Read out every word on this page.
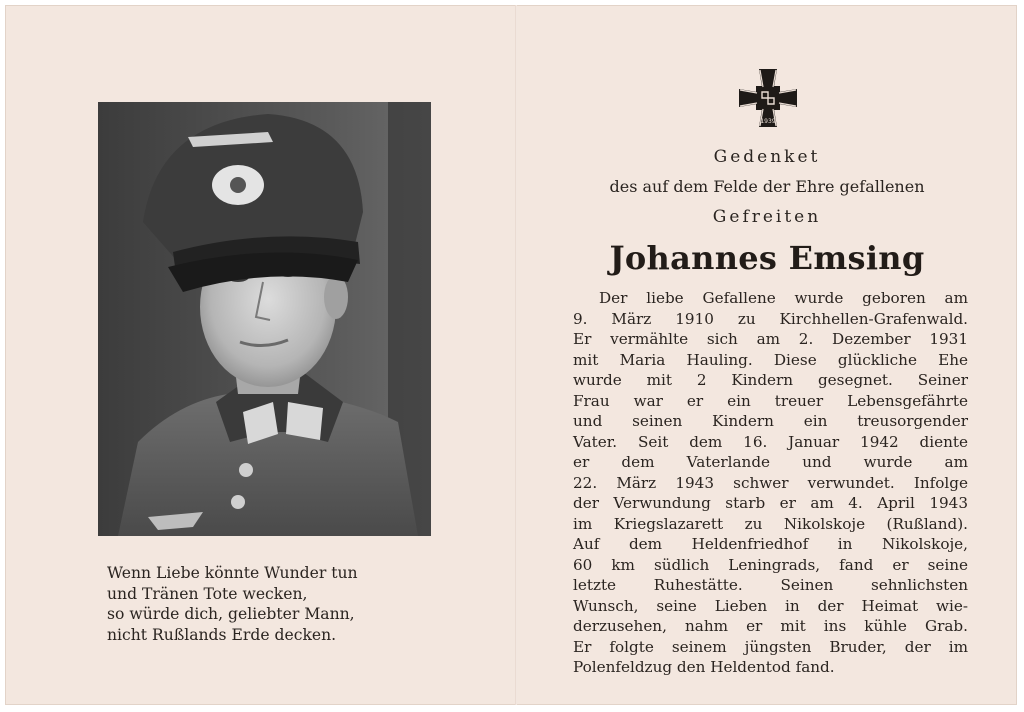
Wenn Liebe könnte Wunder tun
und Tränen Tote wecken,
so würde dich, geliebter Mann,
nicht Rußlands Erde decken.
1939
Gedenket
des auf dem Felde der Ehre gefallenen
Gefreiten
Johannes Emsing
Der liebe Gefallene wurde geboren am
9. März 1910 zu Kirchhellen-Grafenwald.
Er vermählte sich am 2. Dezember 1931
mit Maria Hauling. Diese glückliche Ehe
wurde mit 2 Kindern gesegnet. Seiner
Frau war er ein treuer Lebensgefährte
und seinen Kindern ein treusorgender
Vater. Seit dem 16. Januar 1942 diente
er dem Vaterlande und wurde am
22. März 1943 schwer verwundet. Infolge
der Verwundung starb er am 4. April 1943
im Kriegslazarett zu Nikolskoje (Rußland).
Auf dem Heldenfriedhof in Nikolskoje,
60 km südlich Leningrads, fand er seine
letzte Ruhestätte. Seinen sehnlichsten
Wunsch, seine Lieben in der Heimat wie-
derzusehen, nahm er mit ins kühle Grab.
Er folgte seinem jüngsten Bruder, der im
Polenfeldzug den Heldentod fand.
